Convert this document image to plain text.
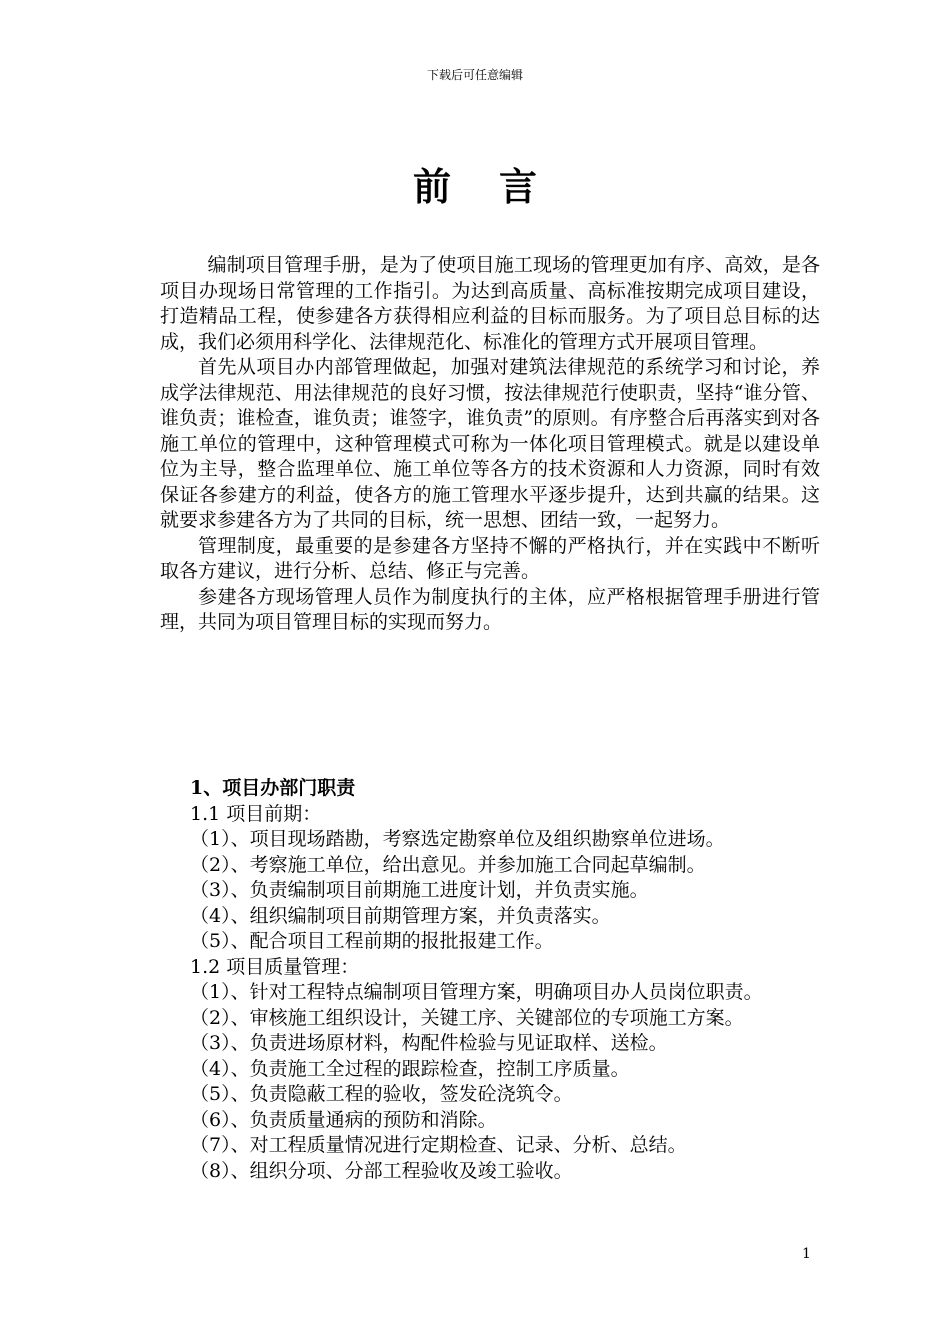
下载后可任意编辑
前言

编制项目管理手册，是为了使项目施工现场的管理更加有序、高效，是各项目办现场日常管理的工作指引。为达到高质量、高标准按期完成项目建设，打造精品工程，使参建各方获得相应利益的目标而服务。为了项目总目标的达成，我们必须用科学化、法律规范化、标准化的管理方式开展项目管理。

首先从项目办内部管理做起，加强对建筑法律规范的系统学习和讨论，养成学法律规范、用法律规范的良好习惯，按法律规范行使职责，坚持“谁分管、谁负责；谁检查，谁负责；谁签字，谁负责”的原则。有序整合后再落实到对各施工单位的管理中，这种管理模式可称为一体化项目管理模式。就是以建设单位为主导，整合监理单位、施工单位等各方的技术资源和人力资源，同时有效保证各参建方的利益，使各方的施工管理水平逐步提升，达到共赢的结果。这就要求参建各方为了共同的目标，统一思想、团结一致，一起努力。

管理制度，最重要的是参建各方坚持不懈的严格执行，并在实践中不断听取各方建议，进行分析、总结、修正与完善。

参建各方现场管理人员作为制度执行的主体，应严格根据管理手册进行管理，共同为项目管理目标的实现而努力。

1、项目办部门职责
1.1 项目前期：
（1）、项目现场踏勘，考察选定勘察单位及组织勘察单位进场。
（2）、考察施工单位，给出意见。并参加施工合同起草编制。
（3）、负责编制项目前期施工进度计划，并负责实施。
（4）、组织编制项目前期管理方案，并负责落实。
（5）、配合项目工程前期的报批报建工作。
1.2 项目质量管理：
（1）、针对工程特点编制项目管理方案，明确项目办人员岗位职责。
（2）、审核施工组织设计，关键工序、关键部位的专项施工方案。
（3）、负责进场原材料，构配件检验与见证取样、送检。
（4）、负责施工全过程的跟踪检查，控制工序质量。
（5）、负责隐蔽工程的验收，签发砼浇筑令。
（6）、负责质量通病的预防和消除。
（7）、对工程质量情况进行定期检查、记录、分析、总结。
（8）、组织分项、分部工程验收及竣工验收。
1
